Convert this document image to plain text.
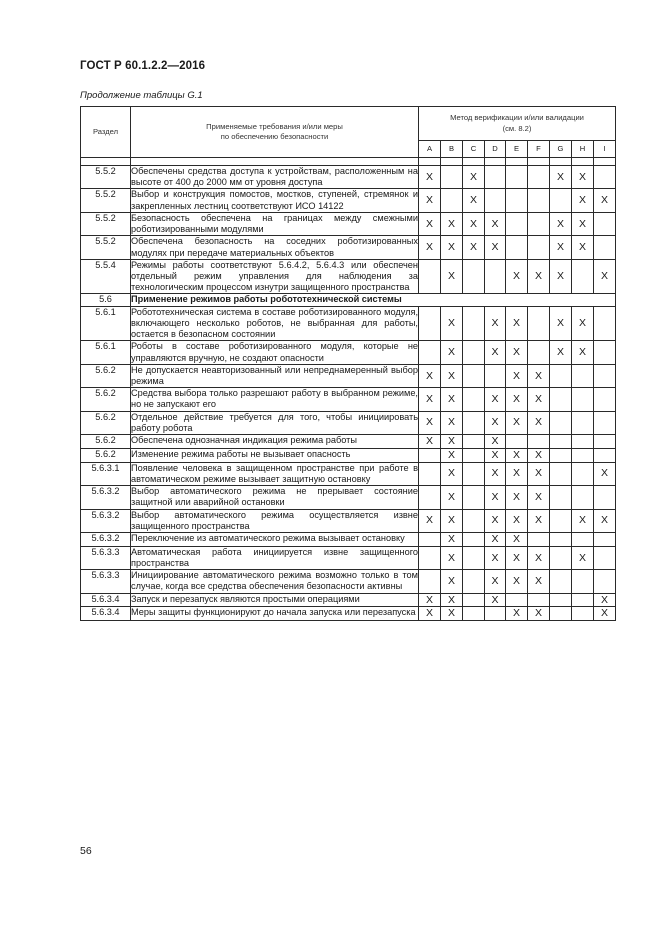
ГОСТ Р 60.1.2.2—2016
Продолжение таблицы G.1
Раздел	Применяемые требования и/или меры
по обеспечению безопасности	Метод верификации и/или валидации
(см. 8.2)								
		A	B	C	D	E	F	G	H	I

5.5.2	Обеспечены средства доступа к устройствам, расположенным на высоте от 400 до 2000 мм от уровня доступа	X		X				X	X	
5.5.2	Выбор и конструкция помостов, мостков, ступеней, стремянок и закрепленных лестниц соответствуют ИСО 14122	X		X					X	X
5.5.2	Безопасность обеспечена на границах между смежными роботизированными модулями	X	X	X	X			X	X	
5.5.2	Обеспечена безопасность на соседних роботизированных модулях при передаче материальных объектов	X	X	X	X			X	X	
5.5.4	Режимы работы соответствуют 5.6.4.2, 5.6.4.3 или обеспечен отдельный режим управления для наблюдения за технологическим процессом изнутри защищенного пространства		X			X	X	X		X
5.6	Применение режимов работы робототехнической системы									
5.6.1	Робототехническая система в составе роботизированного модуля, включающего несколько роботов, не выбранная для работы, остается в безопасном состоянии		X		X	X		X	X	
5.6.1	Роботы в составе роботизированного модуля, которые не управляются вручную, не создают опасности		X		X	X		X	X	
5.6.2	Не допускается неавторизованный или непреднамеренный выбор режима	X	X			X	X			
5.6.2	Средства выбора только разрешают работу в выбранном режиме, но не запускают его	X	X		X	X	X			
5.6.2	Отдельное действие требуется для того, чтобы инициировать работу робота	X	X		X	X	X			
5.6.2	Обеспечена однозначная индикация режима работы	X	X		X					
5.6.2	Изменение режима работы не вызывает опасность		X		X	X	X			
5.6.3.1	Появление человека в защищенном пространстве при работе в автоматическом режиме вызывает защитную остановку		X		X	X	X			X
5.6.3.2	Выбор автоматического режима не прерывает состояние защитной или аварийной остановки		X		X	X	X			
5.6.3.2	Выбор автоматического режима осуществляется извне защищенного пространства	X	X		X	X	X		X	X
5.6.3.2	Переключение из автоматического режима вызывает остановку		X		X	X				
5.6.3.3	Автоматическая работа инициируется извне защищенного пространства		X		X	X	X		X	
5.6.3.3	Инициирование автоматического режима возможно только в том случае, когда все средства обеспечения безопасности активны		X		X	X	X			
5.6.3.4	Запуск и перезапуск являются простыми операциями	X	X		X					X
5.6.3.4	Меры защиты функционируют до начала запуска или перезапуска	X	X			X	X			X
56
